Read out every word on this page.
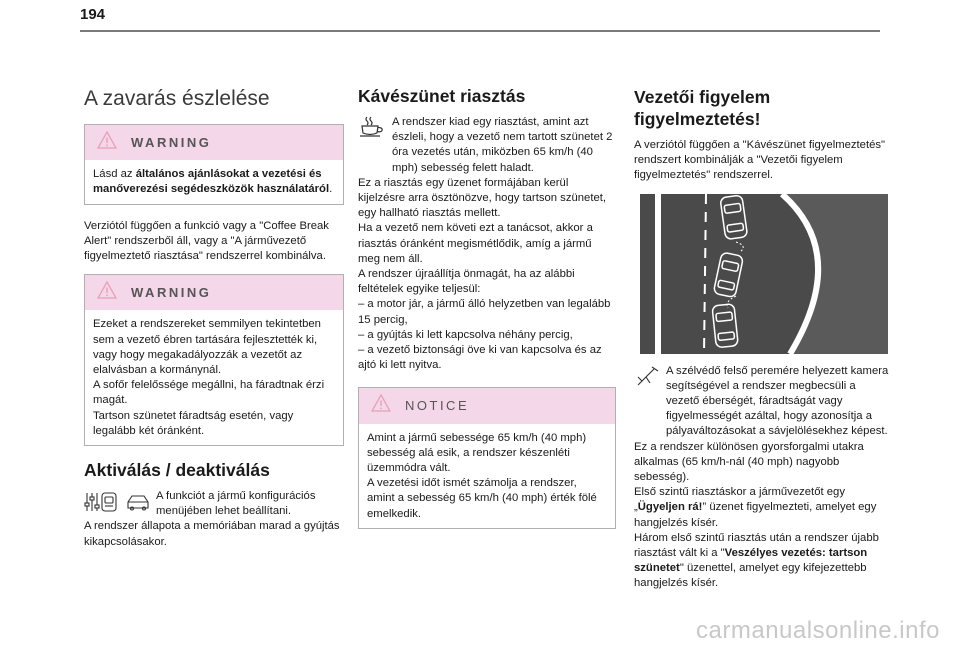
194
A zavarás észlelése
WARNING

Lásd az általános ajánlásokat a vezetési és manőverezési segédeszközök használatáról.

Verziótól függően a funkció vagy a "Coffee Break Alert" rendszerből áll, vagy a "A járművezető figyelmeztető riasztása" rendszerrel kombinálva.

WARNING

Ezeket a rendszereket semmilyen tekintetben sem a vezető ébren tartására fejlesztették ki, vagy hogy megakadályozzák a vezetőt az elalvásban a kormánynál.

A sofőr felelőssége megállni, ha fáradtnak érzi magát.

Tartson szünetet fáradtság esetén, vagy legalább két óránként.

Aktiválás / deaktiválás
A funkciót a jármű konfigurációs menüjében lehet beállítani.

A rendszer állapota a memóriában marad a gyújtás kikapcsolásakor.

Kávészünet riasztás
A rendszer kiad egy riasztást, amint azt észleli, hogy a vezető nem tartott szünetet 2 óra vezetés után, miközben 65 km/h (40 mph) sebesség felett haladt.

Ez a riasztás egy üzenet formájában kerül kijelzésre arra ösztönözve, hogy tartson szünetet, egy hallható riasztás mellett.

Ha a vezető nem követi ezt a tanácsot, akkor a riasztás óránként megismétlődik, amíg a jármű meg nem áll.

A rendszer újraállítja önmagát, ha az alábbi feltételek egyike teljesül:

– a motor jár, a jármű álló helyzetben van legalább 15 percig,

– a gyújtás ki lett kapcsolva néhány percig,

– a vezető biztonsági öve ki van kapcsolva és az ajtó ki lett nyitva.

NOTICE

Amint a jármű sebessége 65 km/h (40 mph) sebesség alá esik, a rendszer készenléti üzemmódra vált.

A vezetési időt ismét számolja a rendszer, amint a sebesség 65 km/h (40 mph) érték fölé emelkedik.

Vezetői figyelem figyelmeztetés!

A verziótól függően a "Kávészünet figyelmeztetés" rendszert kombinálják a "Vezetői figyelem figyelmeztetés" rendszerrel.

A szélvédő felső peremére helyezett kamera segítségével a rendszer megbecsüli a vezető éberségét, fáradtságát vagy figyelmességét azáltal, hogy azonosítja a pályaváltozásokat a sávjelölésekhez képest.

Ez a rendszer különösen gyorsforgalmi utakra alkalmas (65 km/h-nál (40 mph) nagyobb sebesség).

Első szintű riasztáskor a járművezetőt egy „Ügyeljen rá!” üzenet figyelmezteti, amelyet egy hangjelzés kísér.

Három első szintű riasztás után a rendszer újabb riasztást vált ki a "Veszélyes vezetés: tartson szünetet" üzenettel, amelyet egy kifejezettebb hangjelzés kísér.

carmanualsonline.info
